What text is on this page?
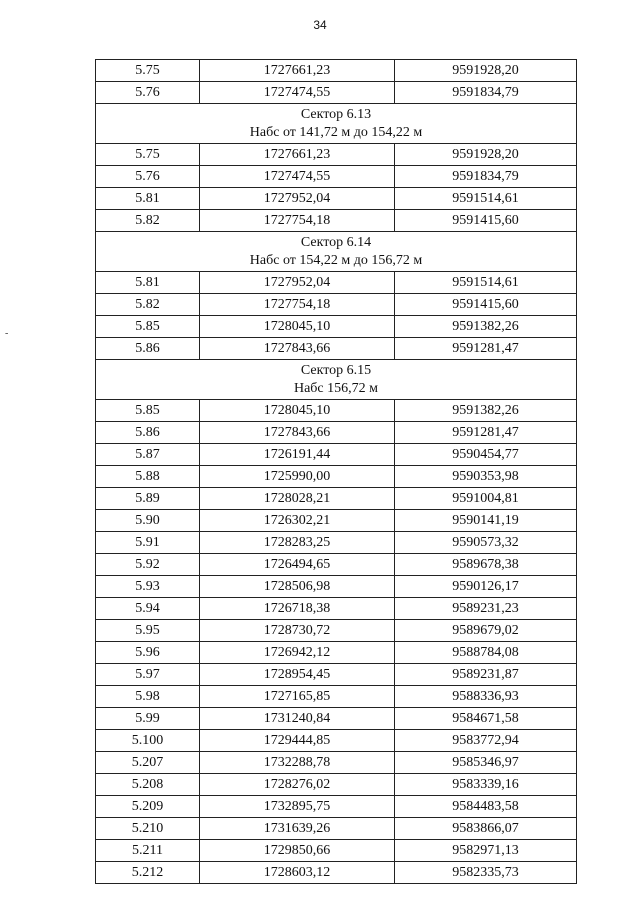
34
-
5.75	1727661,23	9591928,20
5.76	1727474,55	9591834,79

Сектор 6.13
Набс от 141,72 м до 154,22 м		

5.75	1727661,23	9591928,20
5.76	1727474,55	9591834,79
5.81	1727952,04	9591514,61
5.82	1727754,18	9591415,60

Сектор 6.14
Набс от 154,22 м до 156,72 м		

5.81	1727952,04	9591514,61
5.82	1727754,18	9591415,60
5.85	1728045,10	9591382,26
5.86	1727843,66	9591281,47

Сектор 6.15
Набс 156,72 м		

5.85	1728045,10	9591382,26
5.86	1727843,66	9591281,47
5.87	1726191,44	9590454,77
5.88	1725990,00	9590353,98
5.89	1728028,21	9591004,81
5.90	1726302,21	9590141,19
5.91	1728283,25	9590573,32
5.92	1726494,65	9589678,38
5.93	1728506,98	9590126,17
5.94	1726718,38	9589231,23
5.95	1728730,72	9589679,02
5.96	1726942,12	9588784,08
5.97	1728954,45	9589231,87
5.98	1727165,85	9588336,93
5.99	1731240,84	9584671,58
5.100	1729444,85	9583772,94
5.207	1732288,78	9585346,97
5.208	1728276,02	9583339,16
5.209	1732895,75	9584483,58
5.210	1731639,26	9583866,07
5.211	1729850,66	9582971,13
5.212	1728603,12	9582335,73
